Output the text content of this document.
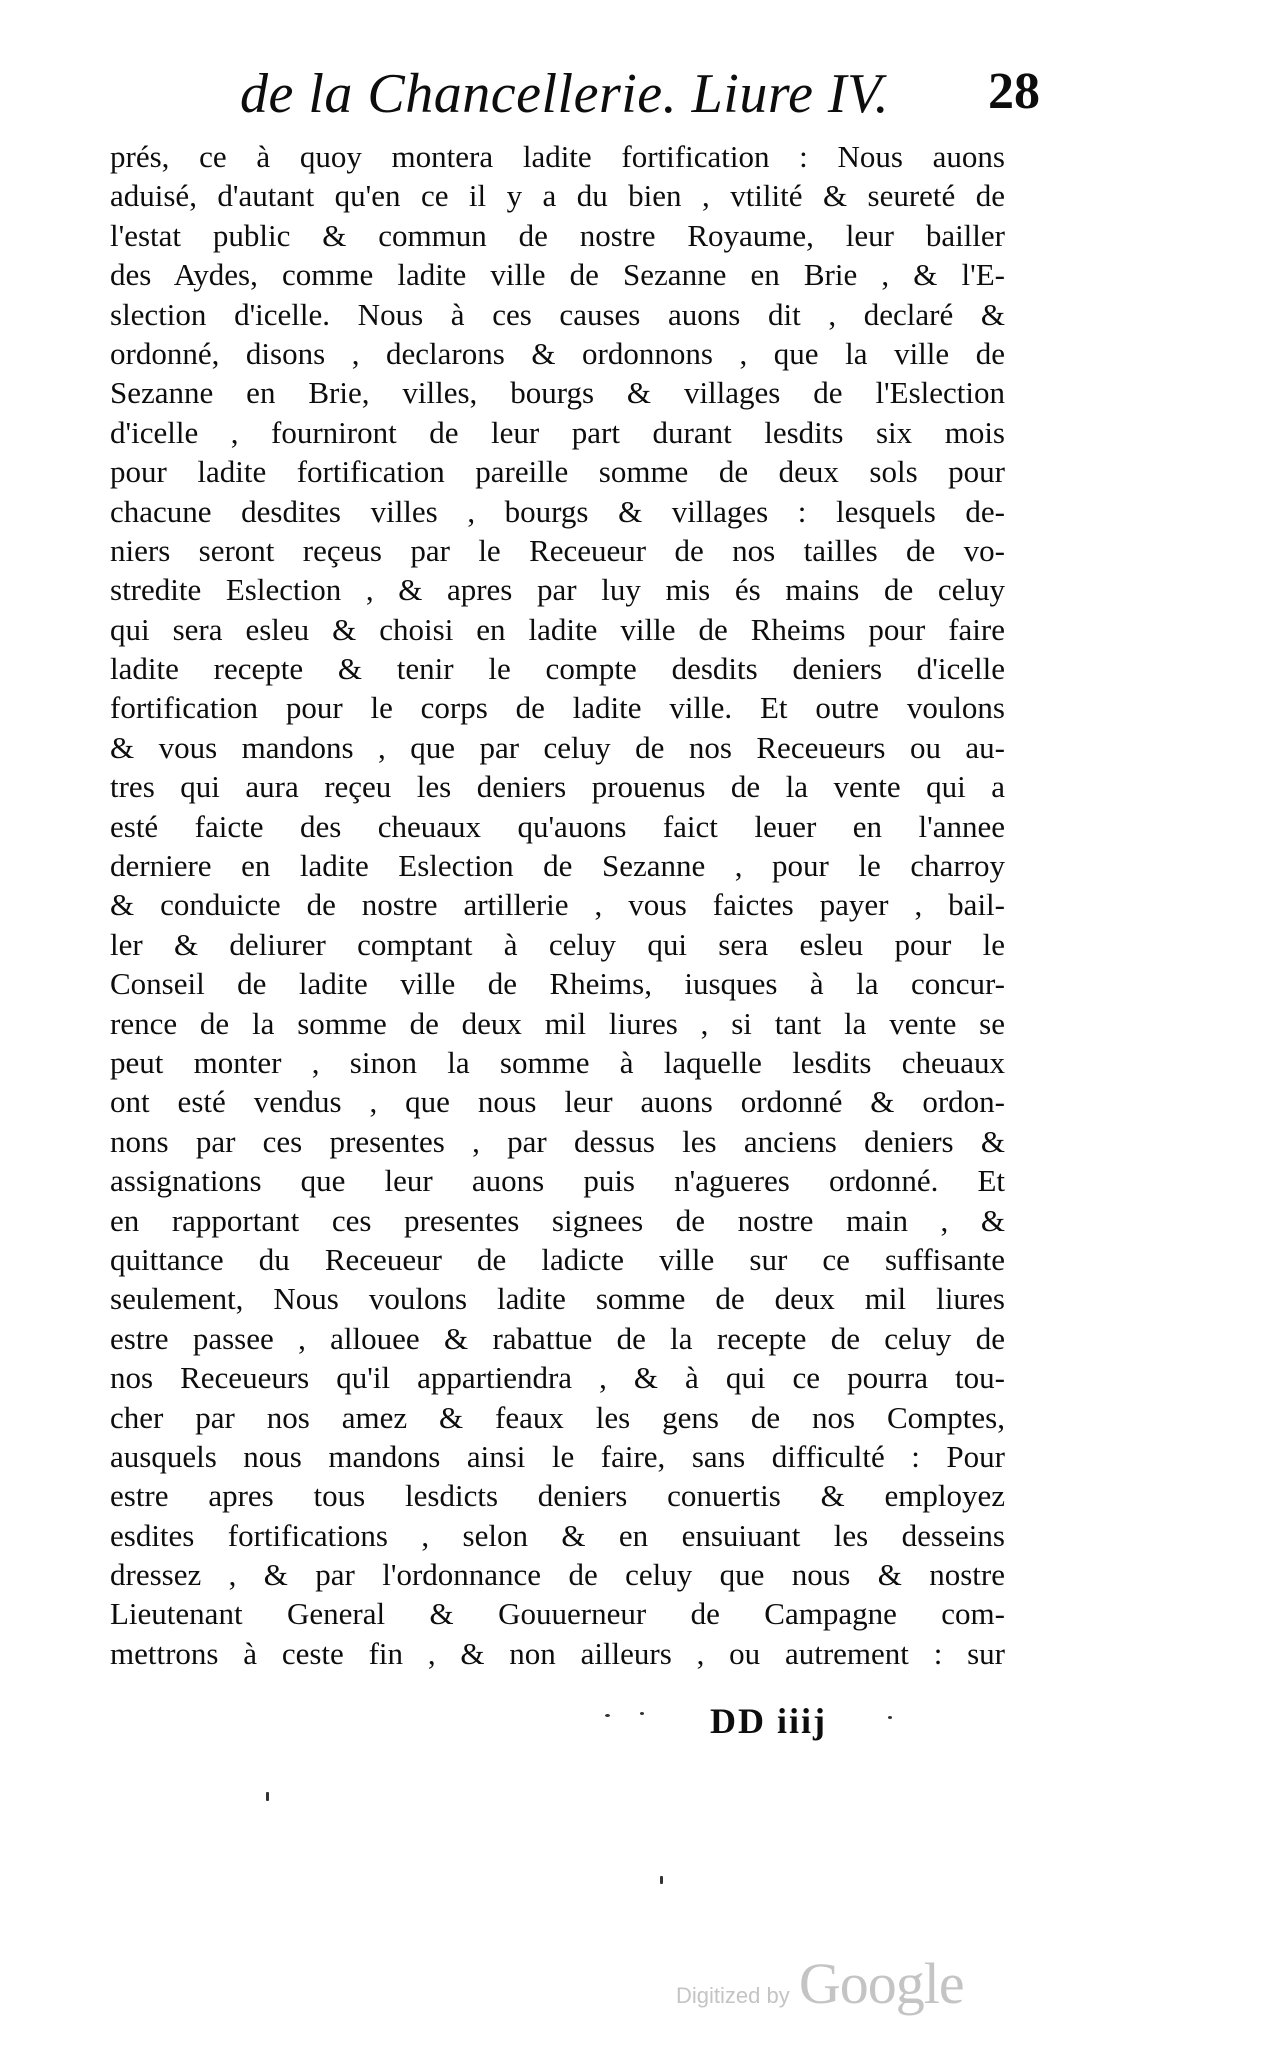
de la Chancellerie. Liure IV. 28
prés, ce à quoy montera ladite fortification : Nous auons
aduisé, d'autant qu'en ce il y a du bien , vtilité & seureté de
l'estat public & commun de nostre Royaume, leur bailler
des Aydes, comme ladite ville de Sezanne en Brie , & l'E-
slection d'icelle. Nous à ces causes auons dit , declaré &
ordonné, disons , declarons & ordonnons , que la ville de
Sezanne en Brie, villes, bourgs & villages de l'Eslection
d'icelle , fourniront de leur part durant lesdits six mois
pour ladite fortification pareille somme de deux sols pour
chacune desdites villes , bourgs & villages : lesquels de-
niers seront reçeus par le Receueur de nos tailles de vo-
stredite Eslection , & apres par luy mis és mains de celuy
qui sera esleu & choisi en ladite ville de Rheims pour faire
ladite recepte & tenir le compte desdits deniers d'icelle
fortification pour le corps de ladite ville. Et outre voulons
& vous mandons , que par celuy de nos Receueurs ou au-
tres qui aura reçeu les deniers prouenus de la vente qui a
esté faicte des cheuaux qu'auons faict leuer en l'annee
derniere en ladite Eslection de Sezanne , pour le charroy
& conduicte de nostre artillerie , vous faictes payer , bail-
ler & deliurer comptant à celuy qui sera esleu pour le
Conseil de ladite ville de Rheims, iusques à la concur-
rence de la somme de deux mil liures , si tant la vente se
peut monter , sinon la somme à laquelle lesdits cheuaux
ont esté vendus , que nous leur auons ordonné & ordon-
nons par ces presentes , par dessus les anciens deniers &
assignations que leur auons puis n'agueres ordonné. Et
en rapportant ces presentes signees de nostre main , &
quittance du Receueur de ladicte ville sur ce suffisante
seulement, Nous voulons ladite somme de deux mil liures
estre passee , allouee & rabattue de la recepte de celuy de
nos Receueurs qu'il appartiendra , & à qui ce pourra tou-
cher par nos amez & feaux les gens de nos Comptes,
ausquels nous mandons ainsi le faire, sans difficulté : Pour
estre apres tous lesdicts deniers conuertis & employez
esdites fortifications , selon & en ensuiuant les desseins
dressez , & par l'ordonnance de celuy que nous & nostre
Lieutenant General & Gouuerneur de Campagne com-
mettrons à ceste fin , & non ailleurs , ou autrement : sur
DD iiij
Digitized by Google
